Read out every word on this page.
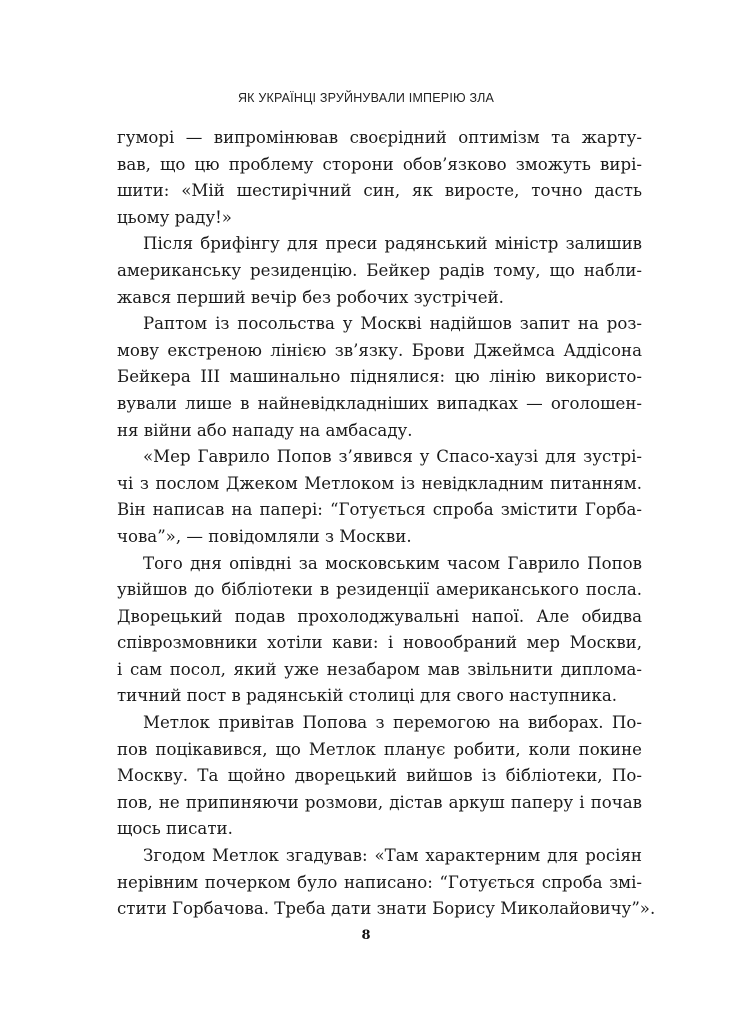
ЯК УКРАЇНЦІ ЗРУЙНУВАЛИ ІМПЕРІЮ ЗЛА
гуморі — випромінював своєрідний оптимізм та жарту-
вав, що цю проблему сторони обов’язково зможуть вирі-
шити: «Мій шестирічний син, як виросте, точно дасть
цьому раду!»
Після брифінгу для преси радянський міністр залишив
американську резиденцію. Бейкер радів тому, що набли-
жався перший вечір без робочих зустрічей.
Раптом із посольства у Москві надійшов запит на роз-
мову екстреною лінією зв’язку. Брови Джеймса Аддісона
Бейкера III машинально піднялися: цю лінію використо-
вували лише в найневідкладніших випадках — оголошен-
ня війни або нападу на амбасаду.
«Мер Гаврило Попов з’явився у Спасо-хаузі для зустрі-
чі з послом Джеком Метлоком із невідкладним питанням.
Він написав на папері: “Готується спроба змістити Горба-
чова”», — повідомляли з Москви.
Того дня опівдні за московським часом Гаврило Попов
увійшов до бібліотеки в резиденції американського посла.
Дворецький подав прохолоджувальні напої. Але обидва
співрозмовники хотіли кави: і новообраний мер Москви,
і сам посол, який уже незабаром мав звільнити диплома-
тичний пост в радянській столиці для свого наступника.
Метлок привітав Попова з перемогою на виборах. По-
пов поцікавився, що Метлок планує робити, коли покине
Москву. Та щойно дворецький вийшов із бібліотеки, По-
пов, не припиняючи розмови, дістав аркуш паперу і почав
щось писати.
Згодом Метлок згадував: «Там характерним для росіян
нерівним почерком було написано: “Готується спроба змі-
стити Горбачова. Треба дати знати Борису Миколайовичу”».
8
